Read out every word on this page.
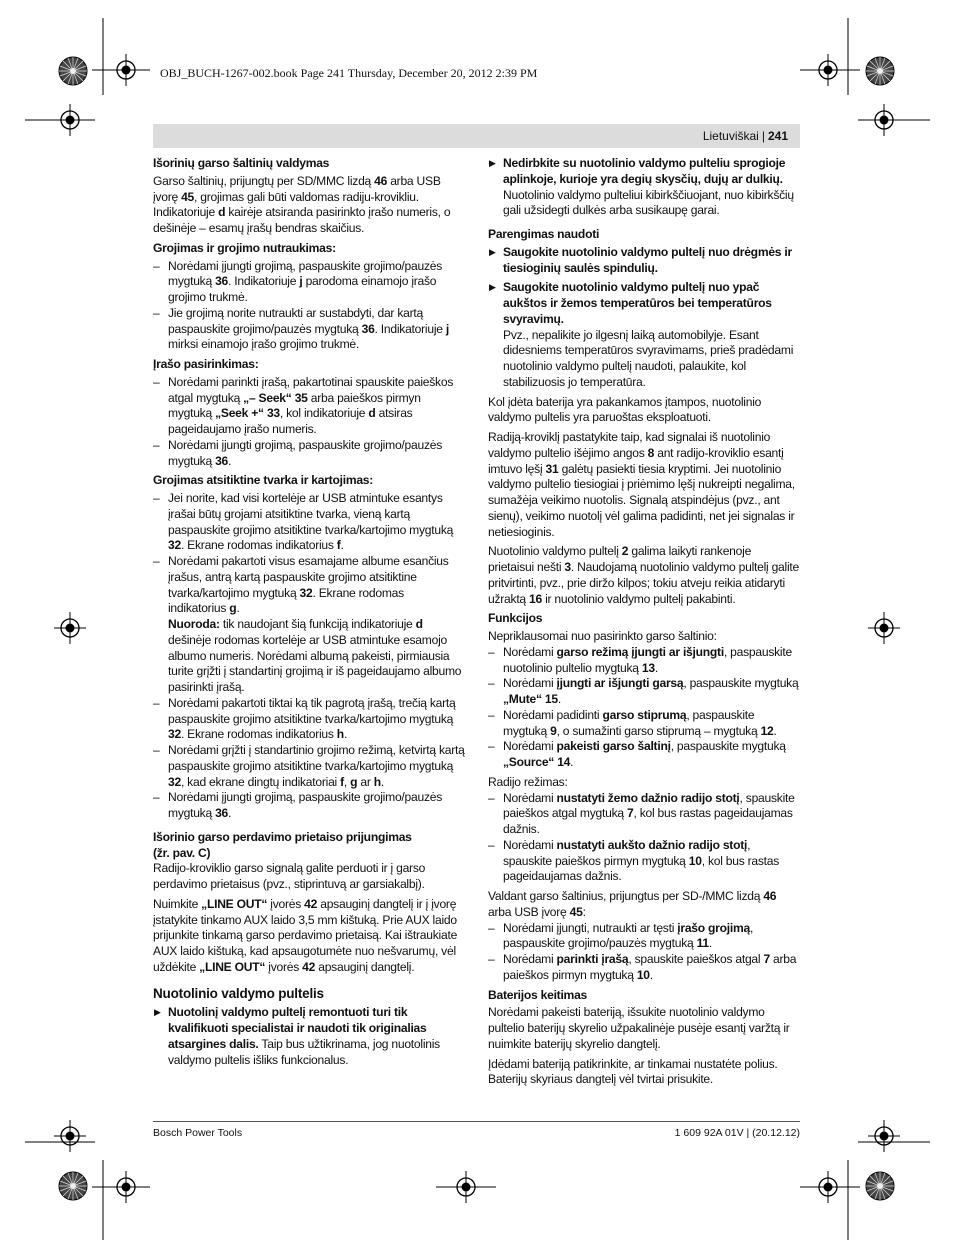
OBJ_BUCH-1267-002.book Page 241 Thursday, December 20, 2012 2:39 PM
Lietuviškai | 241
Išorinių garso šaltinių valdymas

Garso šaltinių, prijungtų per SD/MMC lizdą 46 arba USB įvorę 45, grojimas gali būti valdomas radiju-krovikliu. Indikatoriuje d kairėje atsiranda pasirinkto įrašo numeris, o dešinėje – esamų įrašų bendras skaičius.

Grojimas ir grojimo nutraukimas:
– Norėdami įjungti grojimą, paspauskite grojimo/pauzės mygtuką 36. Indikatoriuje j parodoma einamojo įrašo grojimo trukmė.
– Jie grojimą norite nutraukti ar sustabdyti, dar kartą paspauskite grojimo/pauzės mygtuką 36. Indikatoriuje j mirksi einamojo įrašo grojimo trukmė.
Įrašo pasirinkimas:
– Norėdami parinkti įrašą, pakartotinai spauskite paieškos atgal mygtuką „– Seek“ 35 arba paieškos pirmyn mygtuką „Seek +“ 33, kol indikatoriuje d atsiras pageidaujamo įrašo numeris.
– Norėdami įjungti grojimą, paspauskite grojimo/pauzės mygtuką 36.
Grojimas atsitiktine tvarka ir kartojimas:
– Jei norite, kad visi kortelėje ar USB atmintuke esantys įrašai būtų grojami atsitiktine tvarka, vieną kartą paspauskite grojimo atsitiktine tvarka/kartojimo mygtuką 32. Ekrane rodomas indikatorius f.
– Norėdami pakartoti visus esamajame albume esančius įrašus, antrą kartą paspauskite grojimo atsitiktine tvarka/kartojimo mygtuką 32. Ekrane rodomas indikatorius g.
Nuoroda: tik naudojant šią funkciją indikatoriuje d dešinėje rodomas kortelėje ar USB atmintuke esamojo albumo numeris. Norėdami albumą pakeisti, pirmiausia turite grįžti į standartinį grojimą ir iš pageidaujamo albumo pasirinkti įrašą.
– Norėdami pakartoti tiktai ką tik pagrotą įrašą, trečią kartą paspauskite grojimo atsitiktine tvarka/kartojimo mygtuką 32. Ekrane rodomas indikatorius h.
– Norėdami grįžti į standartinio grojimo režimą, ketvirtą kartą paspauskite grojimo atsitiktine tvarka/kartojimo mygtuką 32, kad ekrane dingtų indikatoriai f, g ar h.
– Norėdami įjungti grojimą, paspauskite grojimo/pauzės mygtuką 36.
Išorinio garso perdavimo prietaiso prijungimas
(žr. pav. C)

Radijo-kroviklio garso signalą galite perduoti ir į garso perdavimo prietaisus (pvz., stiprintuvą ar garsiakalbį).

Nuimkite „LINE OUT“ įvorės 42 apsauginį dangtelį ir į įvorę įstatykite tinkamo AUX laido 3,5 mm kištuką. Prie AUX laido prijunkite tinkamą garso perdavimo prietaisą. Kai ištraukiate AUX laido kištuką, kad apsaugotumėte nuo nešvarumų, vėl uždėkite „LINE OUT“ įvorės 42 apsauginį dangtelį.

Nuotolinio valdymo pultelis
▶ Nuotolinį valdymo pultelį remontuoti turi tik kvalifikuoti specialistai ir naudoti tik originalias atsargines dalis. Taip bus užtikrinama, jog nuotolinis valdymo pultelis išliks funkcionalus.
▶ Nedirbkite su nuotolinio valdymo pulteliu sprogioje aplinkoje, kurioje yra degių skysčių, dujų ar dulkių.
Nuotolinio valdymo pulteliui kibirkščiuojant, nuo kibirkščių gali užsidegti dulkės arba susikaupę garai.
Parengimas naudoti
▶ Saugokite nuotolinio valdymo pultelį nuo drėgmės ir tiesioginių saulės spindulių.
▶ Saugokite nuotolinio valdymo pultelį nuo ypač aukštos ir žemos temperatūros bei temperatūros svyravimų.
Pvz., nepalikite jo ilgesnį laiką automobilyje. Esant didesniems temperatūros svyravimams, prieš pradėdami nuotolinio valdymo pultelį naudoti, palaukite, kol stabilizuosis jo temperatūra.

Kol įdėta baterija yra pakankamos įtampos, nuotolinio valdymo pultelis yra paruoštas eksploatuoti.

Radiją-kroviklį pastatykite taip, kad signalai iš nuotolinio valdymo pultelio išėjimo angos 8 ant radijo-kroviklio esantį imtuvo lęšį 31 galėtų pasiekti tiesia kryptimi. Jei nuotolinio valdymo pultelio tiesiogiai į priėmimo lęšį nukreipti negalima, sumažėja veikimo nuotolis. Signalą atspindėjus (pvz., ant sienų), veikimo nuotolį vėl galima padidinti, net jei signalas ir netiesioginis.

Nuotolinio valdymo pultelį 2 galima laikyti rankenoje prietaisui nešti 3. Naudojamą nuotolinio valdymo pultelį galite pritvirtinti, pvz., prie diržo kilpos; tokiu atveju reikia atidaryti užraktą 16 ir nuotolinio valdymo pultelį pakabinti.

Funkcijos

Nepriklausomai nuo pasirinkto garso šaltinio:

– Norėdami garso režimą įjungti ar išjungti, paspauskite nuotolinio pultelio mygtuką 13.
– Norėdami įjungti ar išjungti garsą, paspauskite mygtuką „Mute“ 15.
– Norėdami padidinti garso stiprumą, paspauskite mygtuką 9, o sumažinti garso stiprumą – mygtuką 12.
– Norėdami pakeisti garso šaltinį, paspauskite mygtuką „Source“ 14.

Radijo režimas:

– Norėdami nustatyti žemo dažnio radijo stotį, spauskite paieškos atgal mygtuką 7, kol bus rastas pageidaujamas dažnis.
– Norėdami nustatyti aukšto dažnio radijo stotį, spauskite paieškos pirmyn mygtuką 10, kol bus rastas pageidaujamas dažnis.

Valdant garso šaltinius, prijungtus per SD-/MMC lizdą 46 arba USB įvorę 45:

– Norėdami įjungti, nutraukti ar tęsti įrašo grojimą, paspauskite grojimo/pauzės mygtuką 11.
– Norėdami parinkti įrašą, spauskite paieškos atgal 7 arba paieškos pirmyn mygtuką 10.
Baterijos keitimas

Norėdami pakeisti bateriją, išsukite nuotolinio valdymo pultelio baterijų skyrelio užpakalinėje pusėje esantį varžtą ir nuimkite baterijų skyrelio dangtelį.

Įdėdami bateriją patikrinkite, ar tinkamai nustatėte polius. Baterijų skyriaus dangtelį vėl tvirtai prisukite.

Bosch Power Tools	1 609 92A 01V | (20.12.12)
